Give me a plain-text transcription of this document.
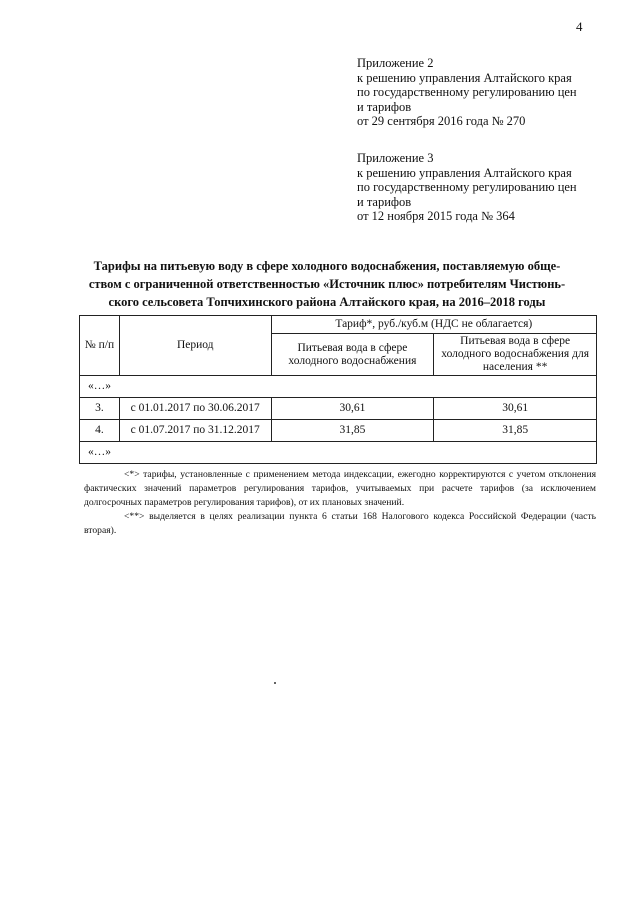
4
Приложение 2
к решению управления Алтайского края
по государственному регулированию цен
и тарифов
от 29 сентября 2016 года № 270
Приложение 3
к решению управления Алтайского края
по государственному регулированию цен
и тарифов
от 12 ноября 2015 года № 364
Тарифы на питьевую воду в сфере холодного водоснабжения, поставляемую обще-
ством с ограниченной ответственностью «Источник плюс» потребителям Чистюнь-
ского сельсовета Топчихинского района Алтайского края, на 2016–2018 годы
№ п/п	Период	Тариф*, руб./куб.м (НДС не облагается)	
		Питьевая вода в сфере холодного водоснабжения	Питьевая вода в сфере холодного водоснабжения для населения **
«…»			
3.	с 01.01.2017 по 30.06.2017	30,61	30,61
4.	с 01.07.2017 по 31.12.2017	31,85	31,85
«…»			

<*> тарифы, установленные с применением метода индексации, ежегодно корректируются с учетом отклонения фактических значений параметров регулирования тарифов, учитываемых при расчете тарифов (за исключением долгосрочных параметров регулирования тарифов), от их плановых значений.

<**> выделяется в целях реализации пункта 6 статьи 168 Налогового кодекса Российской Федерации (часть вторая).
